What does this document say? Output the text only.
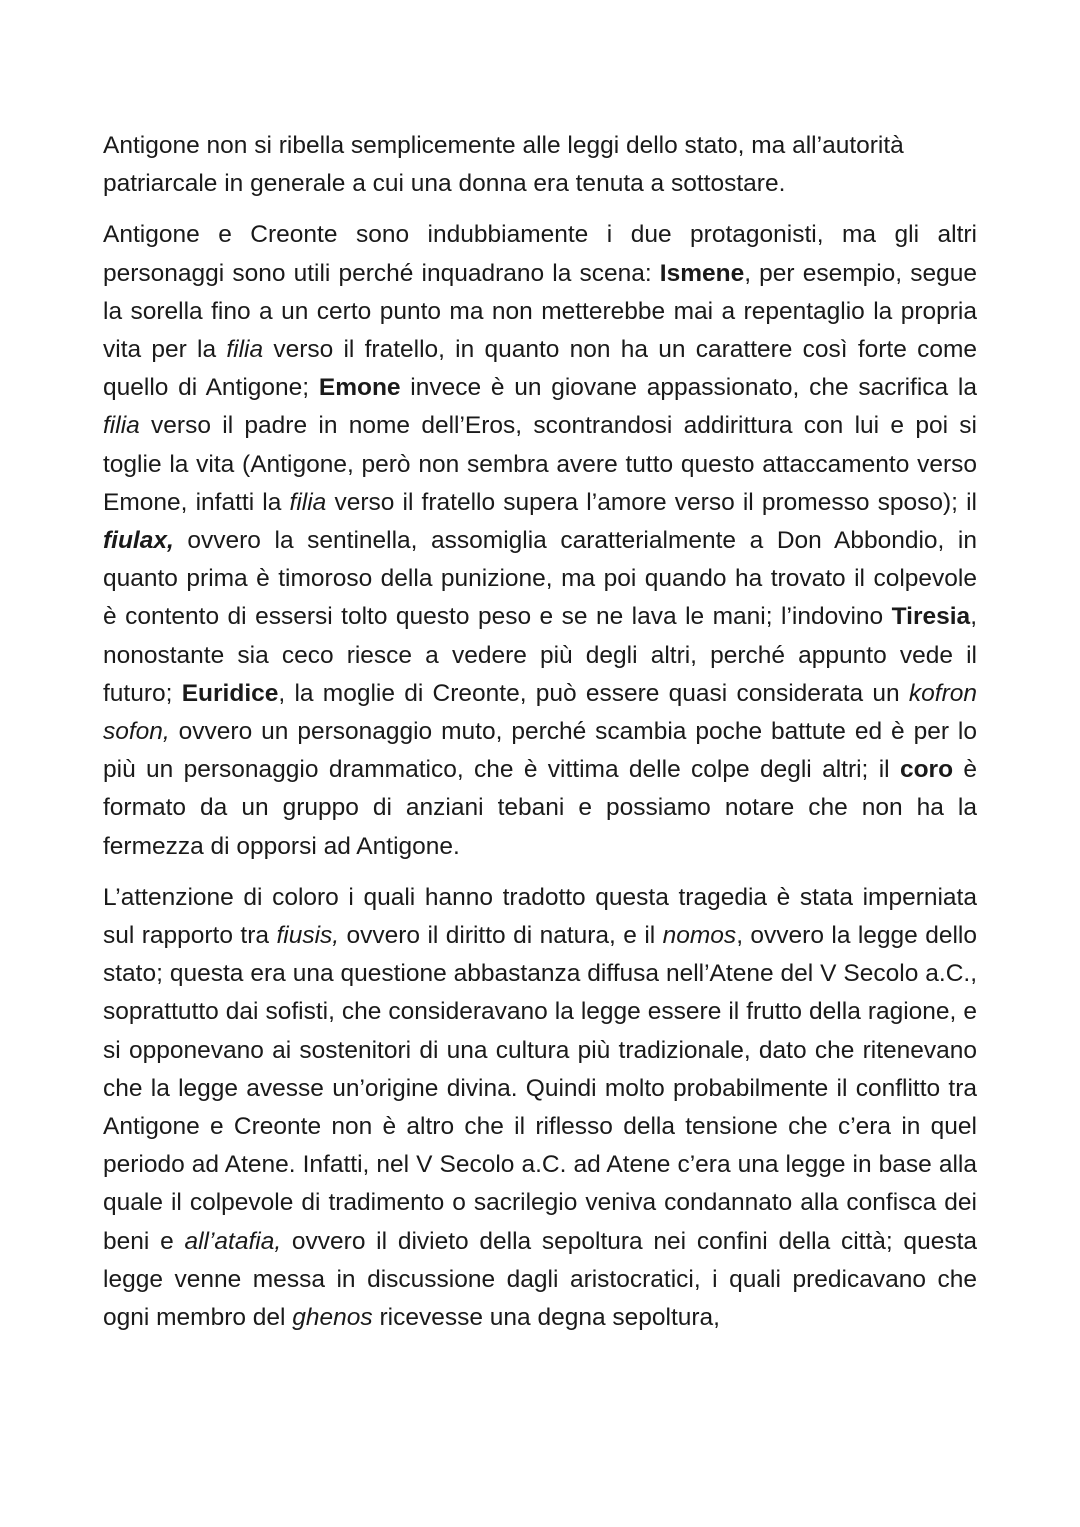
Antigone non si ribella semplicemente alle leggi dello stato, ma all’autorità patriarcale in generale a cui una donna era tenuta a sottostare.

Antigone e Creonte sono indubbiamente i due protagonisti, ma gli altri personaggi sono utili perché inquadrano la scena: Ismene, per esempio, segue la sorella fino a un certo punto ma non metterebbe mai a repentaglio la propria vita per la filia verso il fratello, in quanto non ha un carattere così forte come quello di Antigone; Emone invece è un giovane appassionato, che sacrifica la filia verso il padre in nome dell’Eros, scontrandosi addirittura con lui e poi si toglie la vita (Antigone, però non sembra avere tutto questo attaccamento verso Emone, infatti la filia verso il fratello supera l’amore verso il promesso sposo); il fiulax, ovvero la sentinella, assomiglia caratterialmente a Don Abbondio, in quanto prima è timoroso della punizione, ma poi quando ha trovato il colpevole è contento di essersi tolto questo peso e se ne lava le mani; l’indovino Tiresia, nonostante sia ceco riesce a vedere più degli altri, perché appunto vede il futuro; Euridice, la moglie di Creonte, può essere quasi considerata un kofron sofon, ovvero un personaggio muto, perché scambia poche battute ed è per lo più un personaggio drammatico, che è vittima delle colpe degli altri; il coro è formato da un gruppo di anziani tebani e possiamo notare che non ha la fermezza di opporsi ad Antigone.

L’attenzione di coloro i quali hanno tradotto questa tragedia è stata imperniata sul rapporto tra fiusis, ovvero il diritto di natura, e il nomos, ovvero la legge dello stato; questa era una questione abbastanza diffusa nell’Atene del V Secolo a.C., soprattutto dai sofisti, che consideravano la legge essere il frutto della ragione, e si opponevano ai sostenitori di una cultura più tradizionale, dato che ritenevano che la legge avesse un’origine divina. Quindi molto probabilmente il conflitto tra Antigone e Creonte non è altro che il riflesso della tensione che c’era in quel periodo ad Atene. Infatti, nel V Secolo a.C. ad Atene c’era una legge in base alla quale il colpevole di tradimento o sacrilegio veniva condannato alla confisca dei beni e all’atafia, ovvero il divieto della sepoltura nei confini della città; questa legge venne messa in discussione dagli aristocratici, i quali predicavano che ogni membro del ghenos ricevesse una degna sepoltura,
